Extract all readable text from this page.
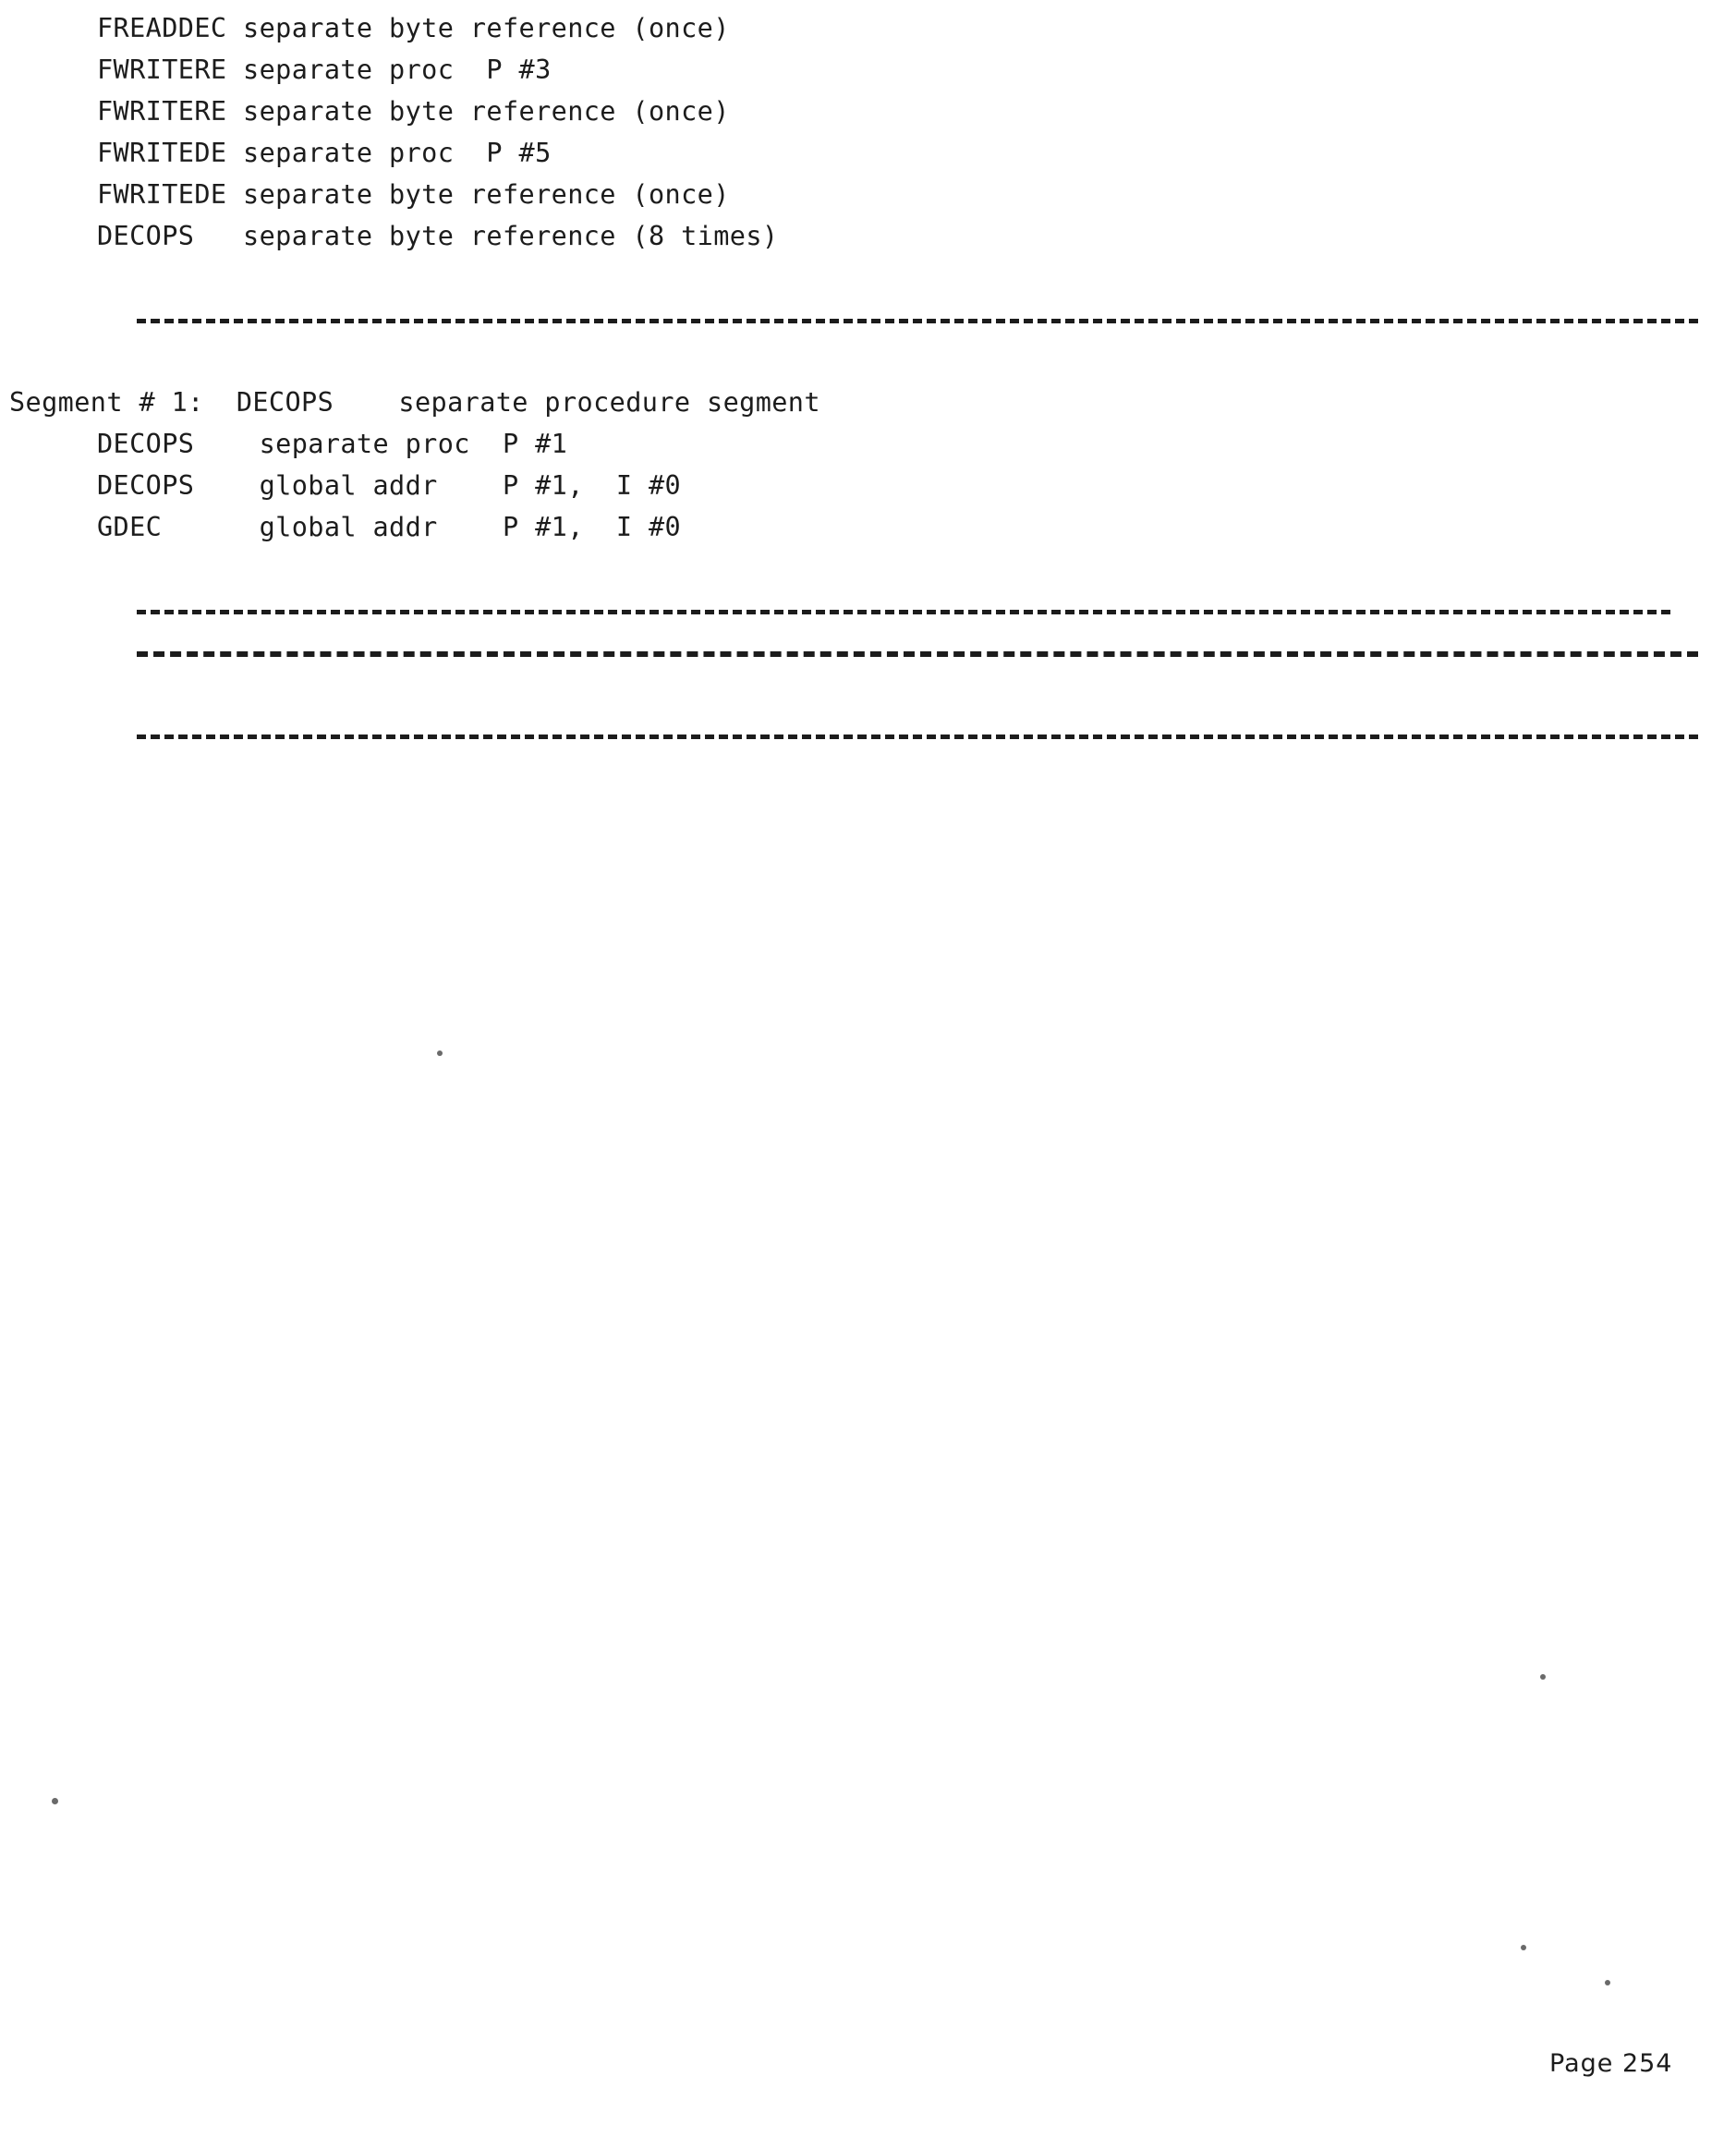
FREADDEC separate byte reference (once)
FWRITERE separate proc  P #3
FWRITERE separate byte reference (once)
FWRITEDE separate proc  P #5
FWRITEDE separate byte reference (once)
DECOPS   separate byte reference (8 times)
Segment # 1:  DECOPS    separate procedure segment
DECOPS    separate proc  P #1
DECOPS    global addr    P #1,  I #0
GDEC      global addr    P #1,  I #0
Page 254
